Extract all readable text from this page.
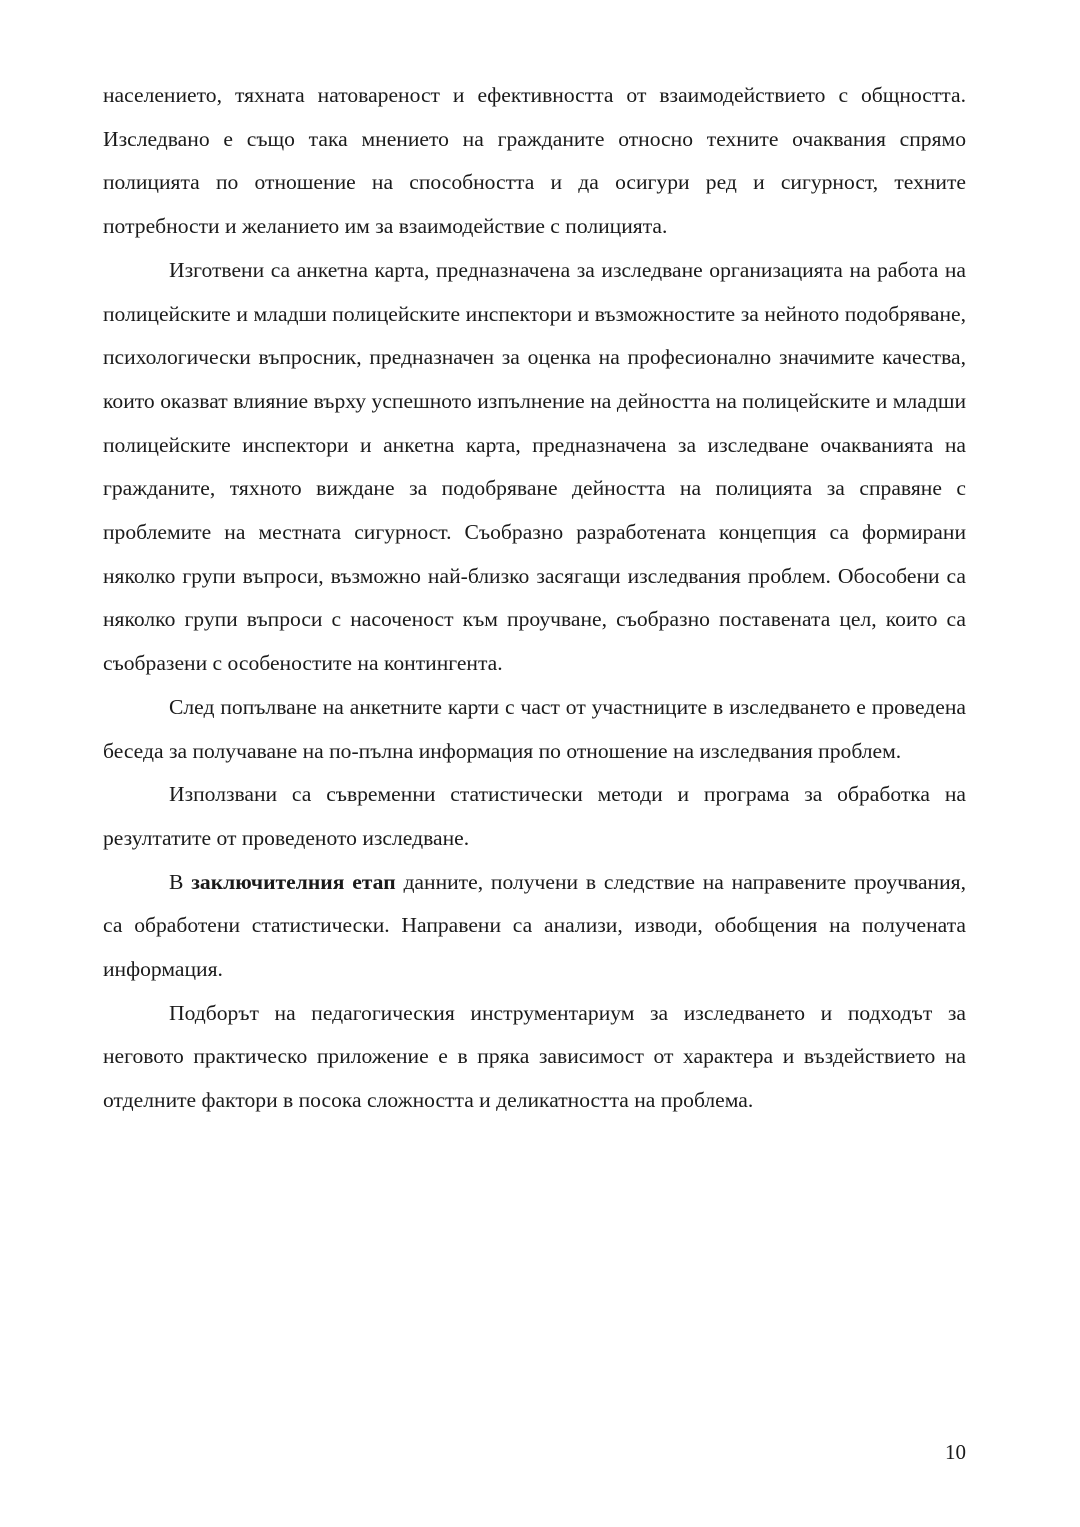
населението, тяхната натовареност и ефективността от взаимодействието с общността. Изследвано е също така мнението на гражданите относно техните очаквания спрямо полицията по отношение на способността и да осигури ред и сигурност, техните потребности и желанието им за взаимодействие с полицията.

Изготвени са анкетна карта, предназначена за изследване организацията на работа на полицейските и младши полицейските инспектори и възможностите за нейното подобряване, психологически въпросник, предназначен за оценка на професионално значимите качества, които оказват влияние върху успешното изпълнение на дейността на полицейските и младши полицейските инспектори и анкетна карта, предназначена за изследване очакванията на гражданите, тяхното виждане за подобряване дейността на полицията за справяне с проблемите на местната сигурност. Съобразно разработената концепция са формирани няколко групи въпроси, възможно най-близко засягащи изследвания проблем. Обособени са няколко групи въпроси с насоченост към проучване, съобразно поставената цел, които са съобразени с особеностите на контингента.

След попълване на анкетните карти с част от участниците в изследването е проведена беседа за получаване на по-пълна информация по отношение на изследвания проблем.

Използвани са съвременни статистически методи и програма за обработка на резултатите от проведеното изследване.

В заключителния етап данните, получени в следствие на направените проучвания, са обработени статистически. Направени са анализи, изводи, обобщения на получената информация.

Подборът на педагогическия инструментариум за изследването и подходът за неговото практическо приложение е в пряка зависимост от характера и въздействието на отделните фактори в посока сложността и деликатността на проблема.

10
